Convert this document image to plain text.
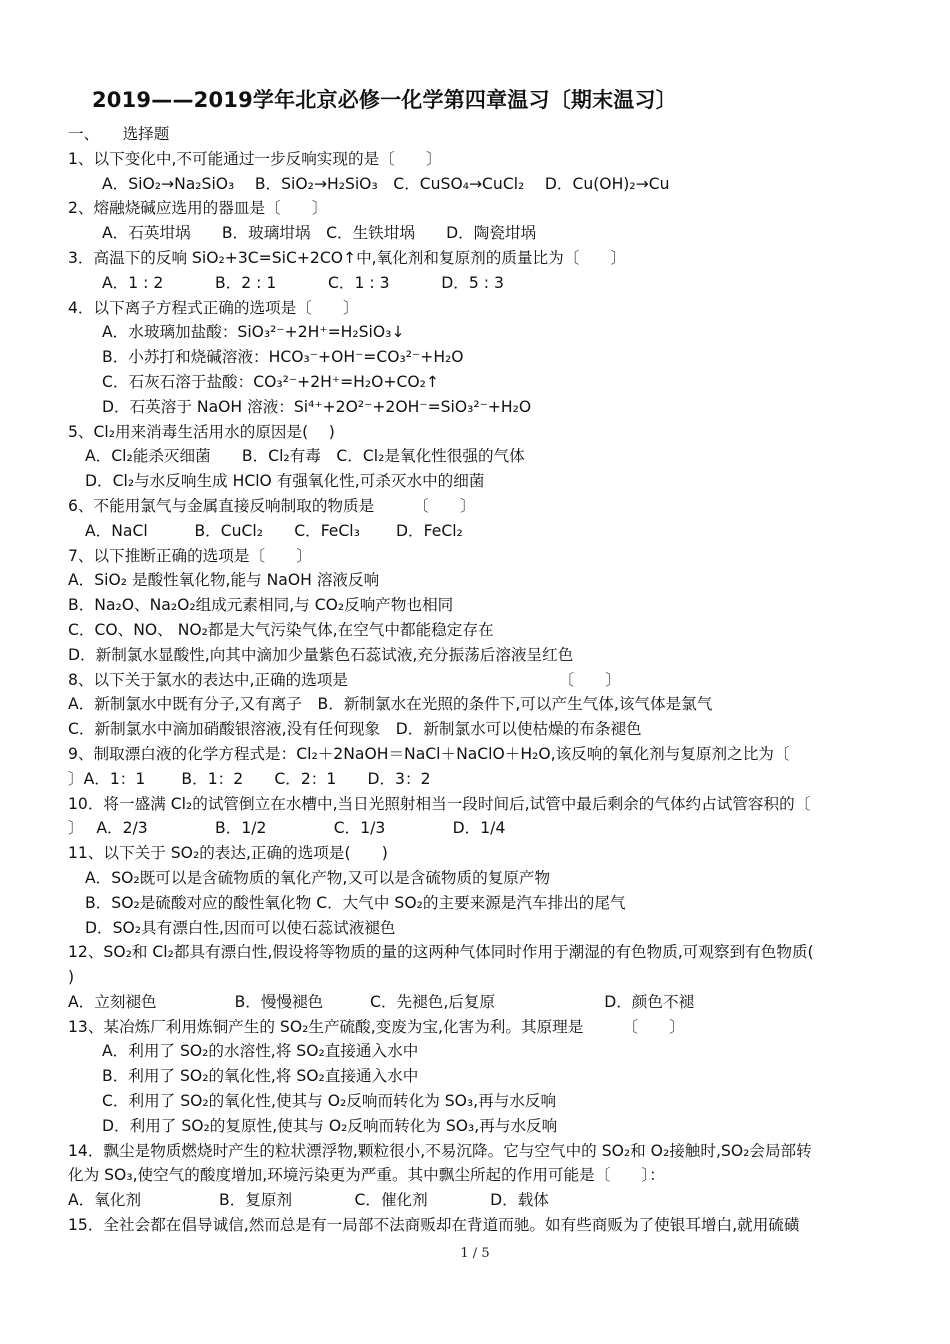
2019——2019学年北京必修一化学第四章温习〔期末温习〕
一、　　选择题
1、以下变化中,不可能通过一步反响实现的是〔　　〕
A．SiO₂→Na₂SiO₃　 B．SiO₂→H₂SiO₃　C．CuSO₄→CuCl₂　 D．Cu(OH)₂→Cu
2、熔融烧碱应选用的器皿是〔　　〕
A．石英坩埚　　B．玻璃坩埚　C．生铁坩埚　　D．陶瓷坩埚
3．高温下的反响 SiO₂+3C=SiC+2CO↑中,氧化剂和复原剂的质量比为〔　　〕
A．1 : 2　　　 B．2 : 1　　　 C．1 : 3　　　 D．5 : 3
4．以下离子方程式正确的选项是〔　　〕
A．水玻璃加盐酸：SiO₃²⁻+2H⁺=H₂SiO₃↓
B．小苏打和烧碱溶液：HCO₃⁻+OH⁻=CO₃²⁻+H₂O
C．石灰石溶于盐酸：CO₃²⁻+2H⁺=H₂O+CO₂↑
D．石英溶于 NaOH 溶液：Si⁴⁺+2O²⁻+2OH⁻=SiO₃²⁻+H₂O
5、Cl₂用来消毒生活用水的原因是(　 )
A．Cl₂能杀灭细菌　　B．Cl₂有毒　C．Cl₂是氧化性很强的气体
D．Cl₂与水反响生成 HClO 有强氧化性,可杀灭水中的细菌
6、不能用氯气与金属直接反响制取的物质是　　　〔　　〕
A．NaCl　　　B．CuCl₂　　C．FeCl₃　　 D．FeCl₂
7、以下推断正确的选项是〔　　〕
A．SiO₂ 是酸性氧化物,能与 NaOH 溶液反响
B．Na₂O、Na₂O₂组成元素相同,与 CO₂反响产物也相同
C．CO、NO、 NO₂都是大气污染气体,在空气中都能稳定存在
D．新制氯水显酸性,向其中滴加少量紫色石蕊试液,充分振荡后溶液呈红色
8、以下关于氯水的表达中,正确的选项是　　　　　　　　　　　　　　〔　　〕
A．新制氯水中既有分子,又有离子　B．新制氯水在光照的条件下,可以产生气体,该气体是氯气
C．新制氯水中滴加硝酸银溶液,没有任何现象　D．新制氯水可以使枯燥的布条褪色
9、制取漂白液的化学方程式是：Cl₂＋2NaOH＝NaCl＋NaClO＋H₂O,该反响的氧化剂与复原剂之比为〔
〕A．1：1　　 B．1：2　　C．2：1　　D．3：2
10．将一盛满 Cl₂的试管倒立在水槽中,当日光照射相当一段时间后,试管中最后剩余的气体约占试管容积的〔
〕　 A．2/3　　　　 B．1/2　　　　 C．1/3　　　　 D．1/4
11、以下关于 SO₂的表达,正确的选项是(　　)
A．SO₂既可以是含硫物质的氧化产物,又可以是含硫物质的复原产物
B．SO₂是硫酸对应的酸性氧化物 C．大气中 SO₂的主要来源是汽车排出的尾气
D．SO₂具有漂白性,因而可以使石蕊试液褪色
12、SO₂和 Cl₂都具有漂白性,假设将等物质的量的这两种气体同时作用于潮湿的有色物质,可观察到有色物质(
)
A．立刻褪色　　　　　B．慢慢褪色　　　C．先褪色,后复原　　　　　　　D．颜色不褪
13、某冶炼厂利用炼铜产生的 SO₂生产硫酸,变废为宝,化害为利。其原理是　　　〔　　〕
A．利用了 SO₂的水溶性,将 SO₂直接通入水中
B．利用了 SO₂的氧化性,将 SO₂直接通入水中
C．利用了 SO₂的氧化性,使其与 O₂反响而转化为 SO₃,再与水反响
D．利用了 SO₂的复原性,使其与 O₂反响而转化为 SO₃,再与水反响
14．飘尘是物质燃烧时产生的粒状漂浮物,颗粒很小,不易沉降。它与空气中的 SO₂和 O₂接触时,SO₂会局部转
化为 SO₃,使空气的酸度增加,环境污染更为严重。其中飘尘所起的作用可能是〔　　〕：
A．氧化剂　　　　　B．复原剂　　　　C．催化剂　　　　D．载体
15．全社会都在倡导诚信,然而总是有一局部不法商贩却在背道而驰。如有些商贩为了使银耳增白,就用硫磺
1 / 5
